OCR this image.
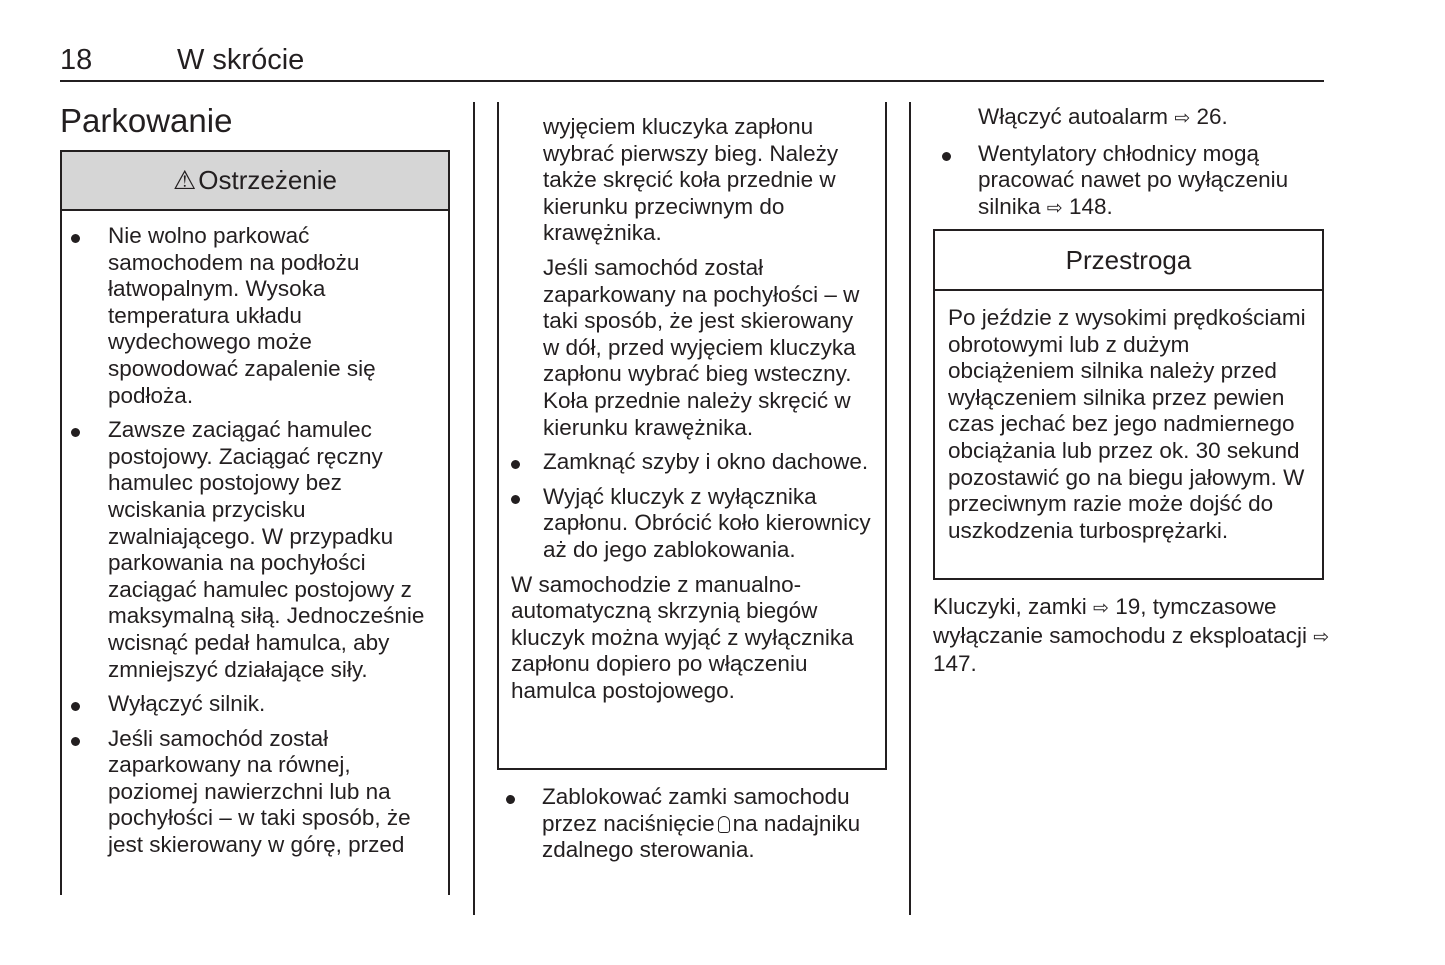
18	W skrócie
Parkowanie
⚠ Ostrzeżenie

Nie wolno parkować samochodem na podłożu łatwopalnym. Wysoka temperatura układu wydechowego może spowodować zapalenie się podłoża.

Zawsze zaciągać hamulec postojowy. Zaciągać ręczny hamulec postojowy bez wciskania przycisku zwalniającego. W przypadku parkowania na pochyłości zaciągać hamulec postojowy z maksymalną siłą. Jednocześnie wcisnąć pedał hamulca, aby zmniejszyć działające siły.

Wyłączyć silnik.

Jeśli samochód został zaparkowany na równej, poziomej nawierzchni lub na pochyłości – w taki sposób, że jest skierowany w górę, przed

wyjęciem kluczyka zapłonu wybrać pierwszy bieg. Należy także skręcić koła przednie w kierunku przeciwnym do krawężnika.

Jeśli samochód został zaparkowany na pochyłości – w taki sposób, że jest skierowany w dół, przed wyjęciem kluczyka zapłonu wybrać bieg wsteczny. Koła przednie należy skręcić w kierunku krawężnika.

Zamknąć szyby i okno dachowe.

Wyjąć kluczyk z wyłącznika zapłonu. Obrócić koło kierownicy aż do jego zablokowania.

W samochodzie z manualno-automatyczną skrzynią biegów kluczyk można wyjąć z wyłącznika zapłonu dopiero po włączeniu hamulca postojowego.

Zablokować zamki samochodu przez naciśnięcie na nadajniku zdalnego sterowania.

Włączyć autoalarm ⇨ 26.

Wentylatory chłodnicy mogą pracować nawet po wyłączeniu silnika ⇨ 148.

Przestroga

Po jeździe z wysokimi prędkościami obrotowymi lub z dużym obciążeniem silnika należy przed wyłączeniem silnika przez pewien czas jechać bez jego nadmiernego obciążania lub przez ok. 30 sekund pozostawić go na biegu jałowym. W przeciwnym razie może dojść do uszkodzenia turbosprężarki.

Kluczyki, zamki ⇨ 19, tymczasowe wyłączanie samochodu z eksploatacji ⇨ 147.
